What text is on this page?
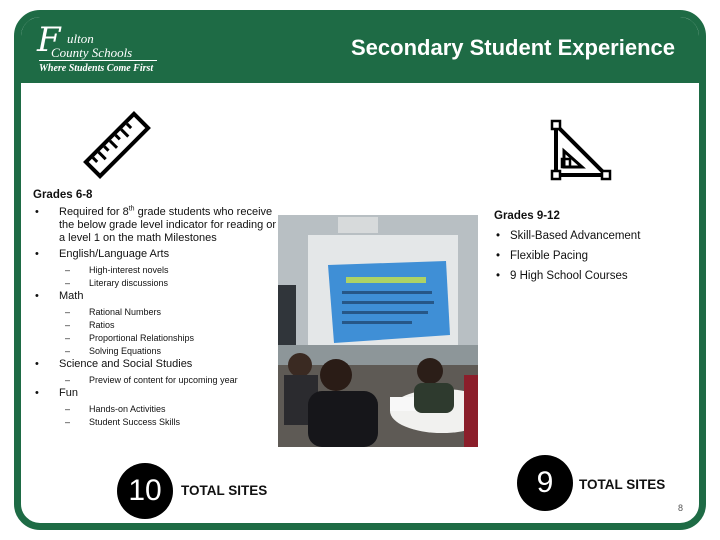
F ulton
County Schools
Where Students Come First
Secondary Student Experience
Grades 6-8
• Required for 8th grade students who receive the below grade level indicator for reading or a level 1 on the math Milestones
• English/Language Arts
– High-interest novels
– Literary discussions
• Math
– Rational Numbers
– Ratios
– Proportional Relationships
– Solving Equations
• Science and Social Studies
– Preview of content for upcoming year
• Fun
– Hands-on Activities
– Student Success Skills
Grades 9-12
• Skill-Based Advancement
• Flexible Pacing
• 9 High School Courses
10	TOTAL SITES	9	TOTAL SITES
8
